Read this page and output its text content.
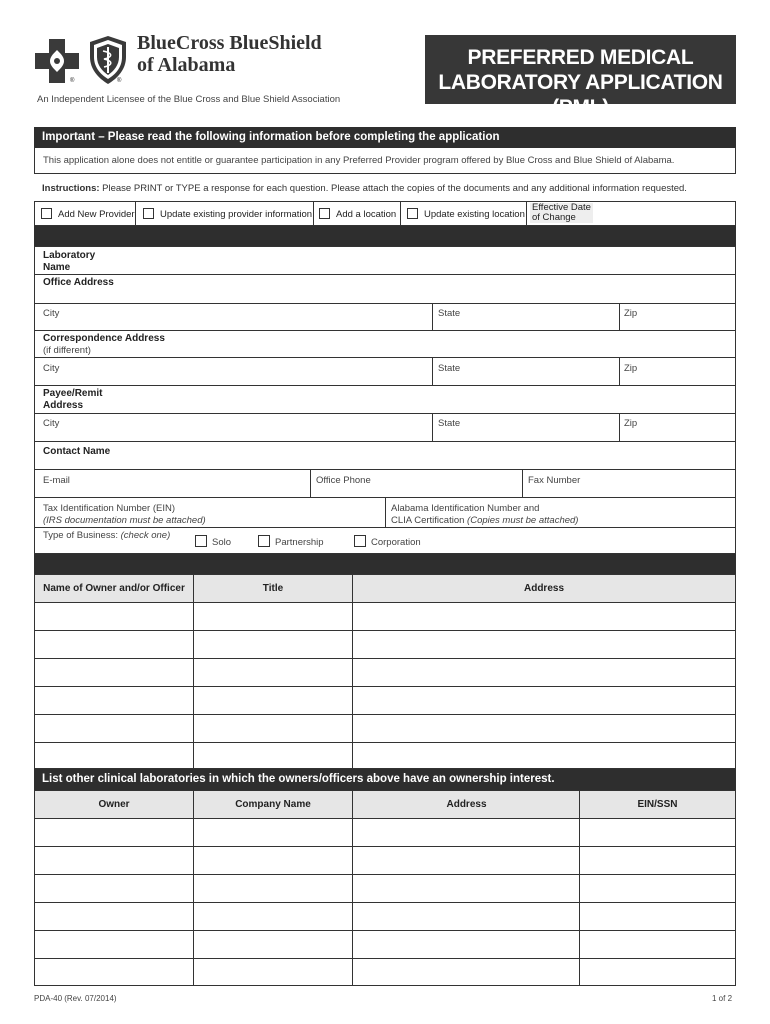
BlueCross BlueShield
of Alabama
®	®
An Independent Licensee of the Blue Cross and Blue Shield Association
PREFERRED MEDICAL
LABORATORY APPLICATION (PML)
Important – Please read the following information before completing the application
This application alone does not entitle or guarantee participation in any Preferred Provider program offered by Blue Cross and Blue Shield of Alabama.
Instructions: Please PRINT or TYPE a response for each question. Please attach the copies of the documents and any additional information requested.
Add New Provider	Update existing provider information	Add a location	Update existing location
Effective Date
of Change
Laboratory
Name
Office Address
City	State	Zip
Correspondence Address
(if different)
City	State	Zip
Payee/Remit
Address
City	State	Zip
Contact Name
E-mail	Office Phone	Fax Number
Tax Identification Number (EIN)
(IRS documentation must be attached)
Alabama Identification Number and
CLIA Certification (Copies must be attached)
Type of Business: (check one)
Solo	Partnership	Corporation
Name of Owner and/or Officer	Title	Address
List other clinical laboratories in which the owners/officers above have an ownership interest.
Owner	Company Name	Address	EIN/SSN
PDA-40 (Rev. 07/2014)	1 of 2
